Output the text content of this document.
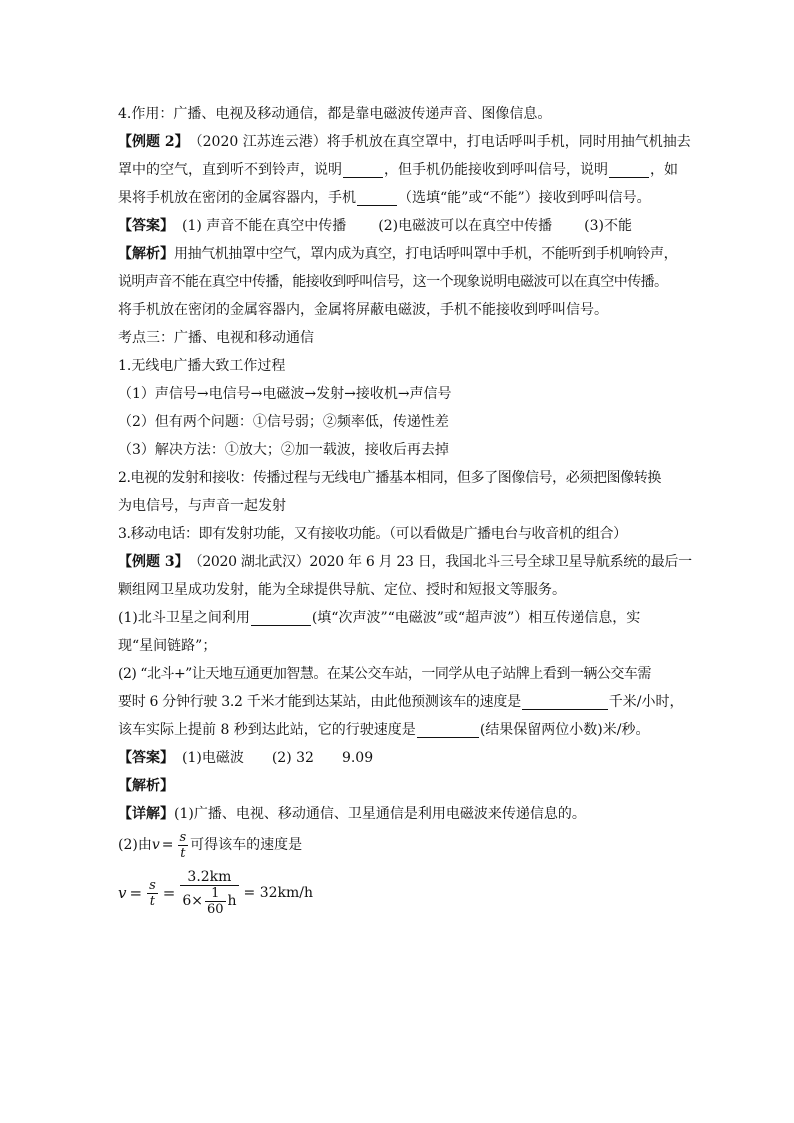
4.作用：广播、电视及移动通信，都是靠电磁波传递声音、图像信息。
【例题 2】 （2020 江苏连云港）将手机放在真空罩中，打电话呼叫手机，同时用抽气机抽去
罩中的空气，直到听不到铃声，说明	，但手机仍能接收到呼叫信号，说明	，如
果将手机放在密闭的金属容器内，手机	（选填“能”或“不能”）接收到呼叫信号。
【答案】 (1) 声音不能在真空中传播 (2)电磁波可以在真空中传播 (3)不能
【解析】 用抽气机抽罩中空气，罩内成为真空，打电话呼叫罩中手机，不能听到手机响铃声，
说明声音不能在真空中传播，能接收到呼叫信号，这一个现象说明电磁波可以在真空中传播。
将手机放在密闭的金属容器内，金属将屏蔽电磁波，手机不能接收到呼叫信号。
考点三：广播、电视和移动通信
1.无线电广播大致工作过程
（1）声信号→电信号→电磁波→发射→接收机→声信号
（2）但有两个问题：①信号弱；②频率低，传递性差
（3）解决方法：①放大；②加一载波，接收后再去掉
2.电视的发射和接收：传播过程与无线电广播基本相同，但多了图像信号，必须把图像转换
为电信号，与声音一起发射
3.移动电话：即有发射功能，又有接收功能。（可以看做是广播电台与收音机的组合）
【例题 3】 （2020 湖北武汉）2020 年 6 月 23 日，我国北斗三号全球卫星导航系统的最后一
颗组网卫星成功发射，能为全球提供导航、定位、授时和短报文等服务。
(1)北斗卫星之间利用	(填“次声波”“电磁波”或“超声波”）相互传递信息，实
现“星间链路”；
(2) “北斗+”让天地互通更加智慧。在某公交车站，一同学从电子站牌上看到一辆公交车需
要时 6 分钟行驶 3.2 千米才能到达某站，由此他预测该车的速度是	千米/小时，
该车实际上提前 8 秒到达此站，它的行驶速度是	(结果保留两位小数)米/秒。
【答案】 (1)电磁波 (2) 32 9.09
【解析】
【详解】 (1)广播、电视、移动通信、卫星通信是利用电磁波来传递信息的。
(2)由 $v = \frac{s}{t}$ 可得该车的速度是
$v = \frac{s}{t}$ =
3.2km
$6\times \frac{1}{60}$ h = 32km/h
